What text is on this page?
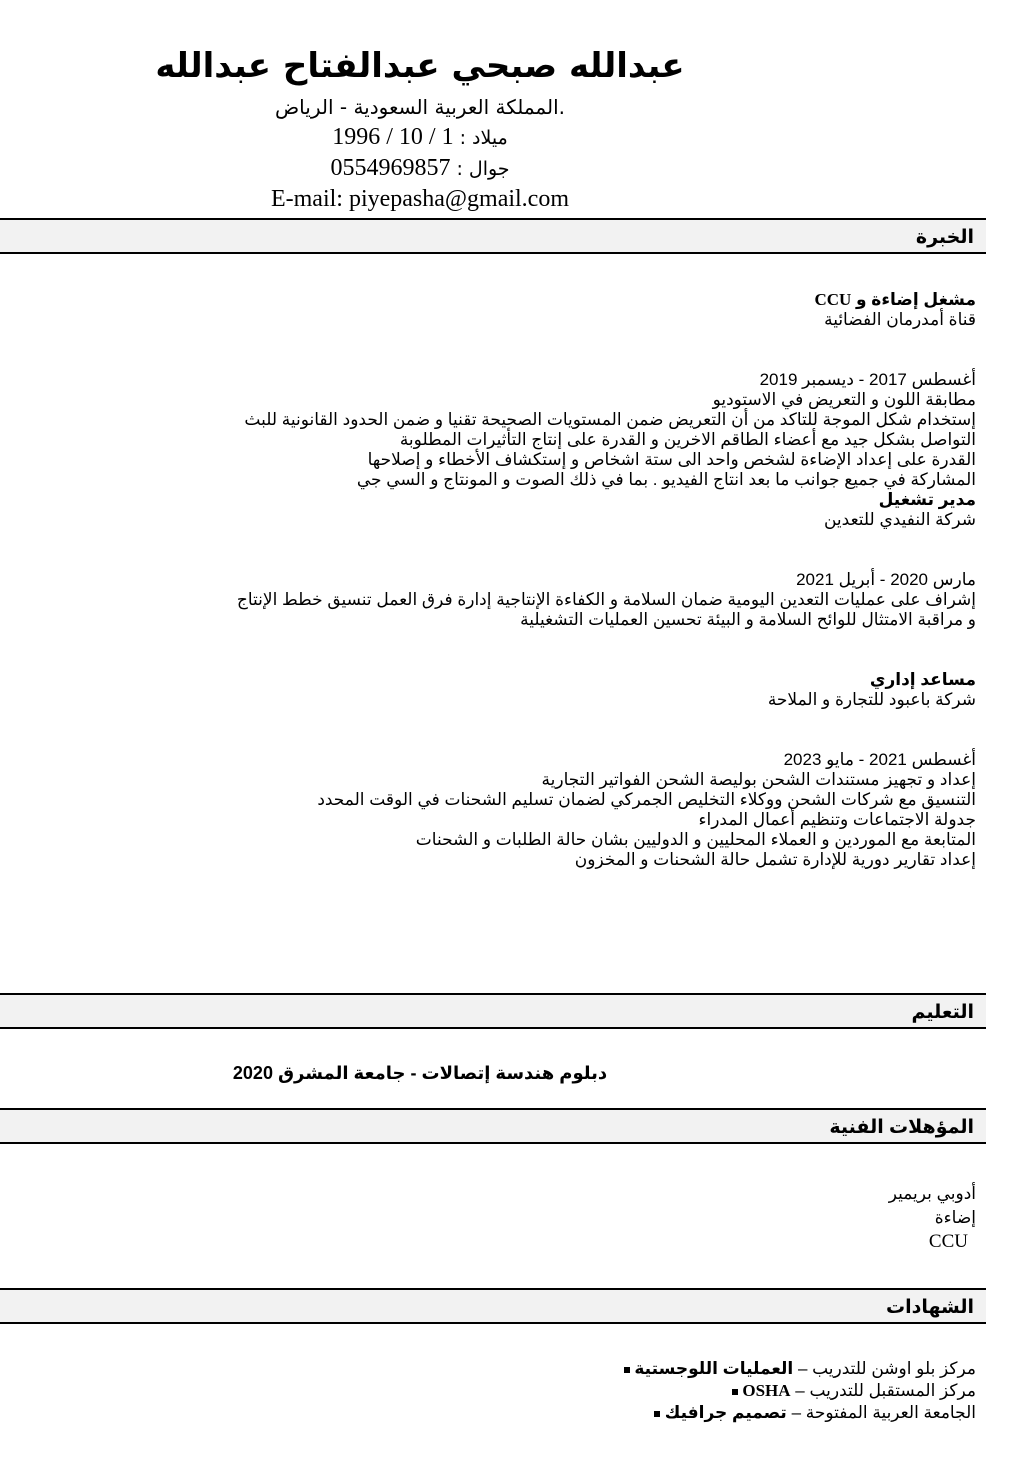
عبدالله صبحي عبدالفتاح عبدالله
.المملكة العربية السعودية - الرياض
ميلاد : 1996 / 10 / 1
جوال : 0554969857
E-mail: piyepasha@gmail.com
الخبرة
مشغل إضاءة و CCU
قناة أمدرمان الفضائية
أغسطس 2017 - ديسمبر 2019
مطابقة اللون و التعريض في الاستوديو
إستخدام شكل الموجة للتاكد من أن التعريض ضمن المستويات الصحيحة تقنيا و ضمن الحدود القانونية للبث
التواصل بشكل جيد مع أعضاء الطاقم الاخرين و القدرة على إنتاج التأثيرات المطلوبة
القدرة على إعداد الإضاءة لشخص واحد الى ستة اشخاص و إستكشاف الأخطاء و إصلاحها
المشاركة في جميع جوانب ما بعد انتاج الفيديو . بما في ذلك الصوت و المونتاج و السي جي
مدير تشغيل
شركة النفيدي للتعدين
مارس 2020 - أبريل 2021
إشراف على عمليات التعدين اليومية ضمان السلامة و الكفاءة الإنتاجية إدارة فرق العمل تنسيق خطط الإنتاج
و مراقبة الامتثال للوائح السلامة و البيئة تحسين العمليات التشغيلية
مساعد إداري
شركة باعبود للتجارة و الملاحة
أغسطس 2021 - مايو 2023
إعداد و تجهيز مستندات الشحن بوليصة الشحن الفواتير التجارية
التنسيق مع شركات الشحن ووكلاء التخليص الجمركي لضمان تسليم الشحنات في الوقت المحدد
جدولة الاجتماعات وتنظيم أعمال المدراء
المتابعة مع الموردين و العملاء المحليين و الدوليين بشان حالة الطلبات و الشحنات
إعداد تقارير دورية للإدارة تشمل حالة الشحنات و المخزون
التعليم
دبلوم هندسة إتصالات - جامعة المشرق 2020
المؤهلات الفنية
أدوبي بريمير
إضاءة
CCU
الشهادات
مركز بلو اوشن للتدريب – العمليات اللوجستية
مركز المستقبل للتدريب – OSHA
الجامعة العربية المفتوحة – تصميم جرافيك
